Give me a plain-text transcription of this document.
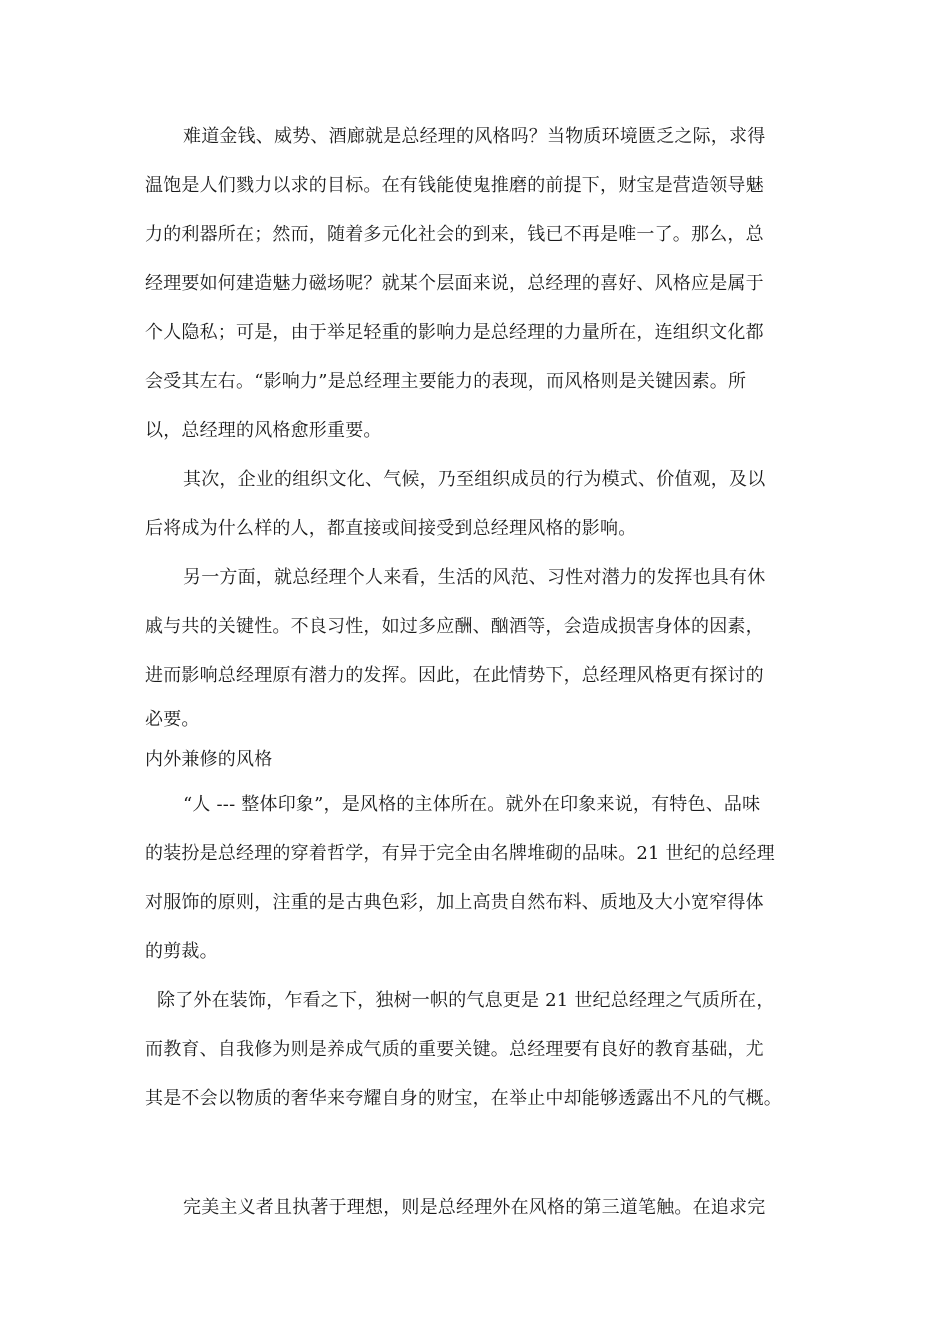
难道金钱、威势、酒廊就是总经理的风格吗？当物质环境匮乏之际，求得
温饱是人们戮力以求的目标。在有钱能使鬼推磨的前提下，财宝是营造领导魅
力的利器所在；然而，随着多元化社会的到来，钱已不再是唯一了。那么，总
经理要如何建造魅力磁场呢？就某个层面来说，总经理的喜好、风格应是属于
个人隐私；可是，由于举足轻重的影响力是总经理的力量所在，连组织文化都
会受其左右。“影响力”是总经理主要能力的表现，而风格则是关键因素。所
以，总经理的风格愈形重要。
其次，企业的组织文化、气候，乃至组织成员的行为模式、价值观，及以
后将成为什么样的人，都直接或间接受到总经理风格的影响。
另一方面，就总经理个人来看，生活的风范、习性对潜力的发挥也具有休
戚与共的关键性。不良习性，如过多应酬、酗酒等，会造成损害身体的因素，
进而影响总经理原有潜力的发挥。因此，在此情势下，总经理风格更有探讨的
必要。
内外兼修的风格
“人 --- 整体印象”，是风格的主体所在。就外在印象来说，有特色、品味
的装扮是总经理的穿着哲学，有异于完全由名牌堆砌的品味。21 世纪的总经理
对服饰的原则，注重的是古典色彩，加上高贵自然布料、质地及大小宽窄得体
的剪裁。
除了外在装饰，乍看之下，独树一帜的气息更是 21 世纪总经理之气质所在，
而教育、自我修为则是养成气质的重要关键。总经理要有良好的教育基础，尤
其是不会以物质的奢华来夸耀自身的财宝，在举止中却能够透露出不凡的气概。
完美主义者且执著于理想，则是总经理外在风格的第三道笔触。在追求完
